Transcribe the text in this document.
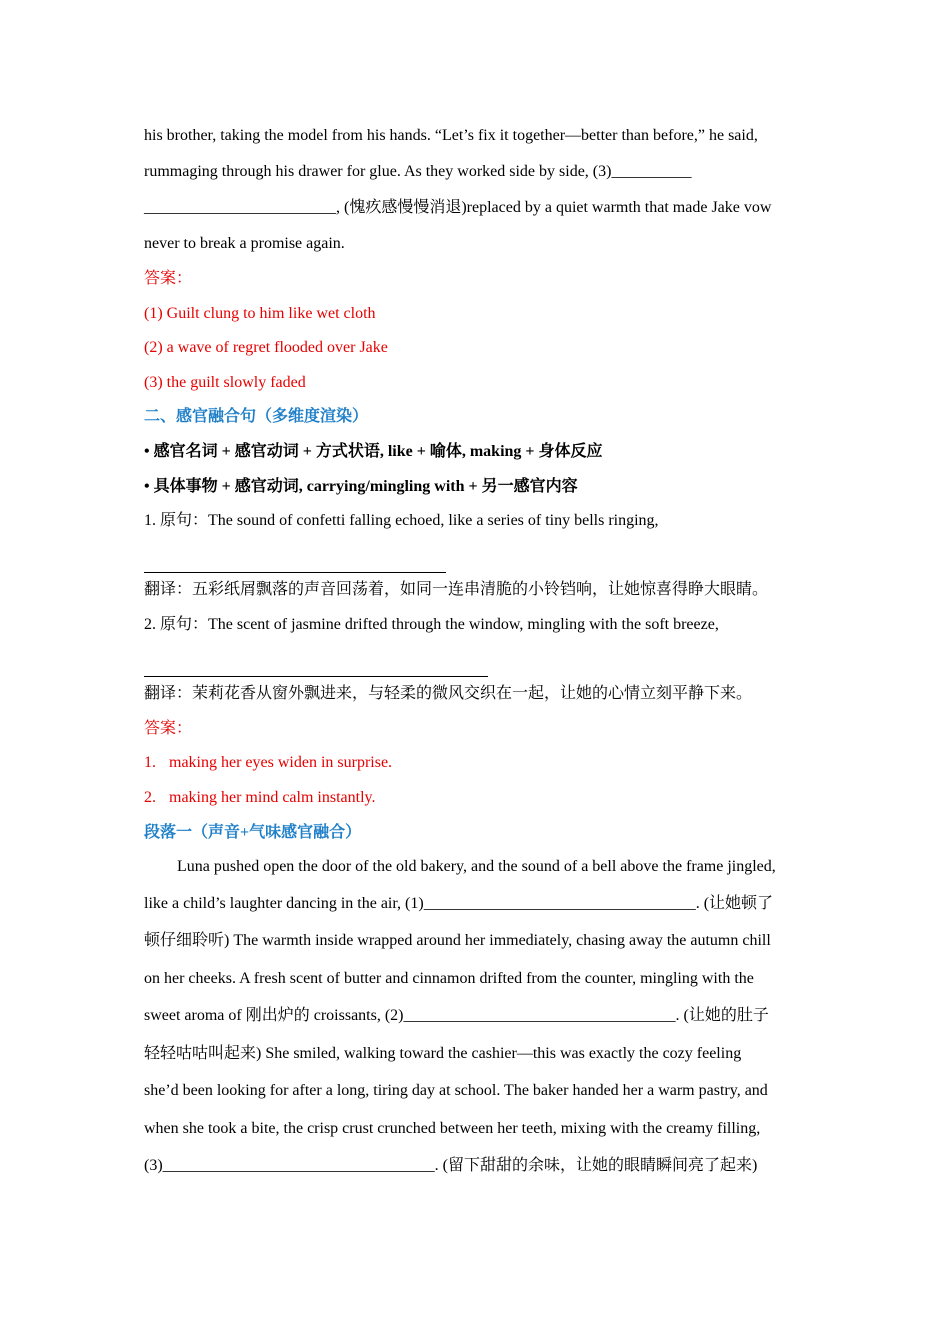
his brother, taking the model from his hands. “Let’s fix it together—better than before,” he said,
rummaging through his drawer for glue. As they worked side by side, (3)__________
________________________, (愧疚感慢慢消退)replaced by a quiet warmth that made Jake vow
never to break a promise again.
答案：
(1) Guilt clung to him like wet cloth
(2) a wave of regret flooded over Jake
(3) the guilt slowly faded
二、感官融合句（多维度渲染）
• 感官名词 + 感官动词 + 方式状语, like + 喻体, making + 身体反应
• 具体事物 + 感官动词, carrying/mingling with + 另一感官内容
1. 原句：The sound of confetti falling echoed, like a series of tiny bells ringing,
翻译：五彩纸屑飘落的声音回荡着，如同一连串清脆的小铃铛响，让她惊喜得睁大眼睛。
2. 原句：The scent of jasmine drifted through the window, mingling with the soft breeze,
翻译：茉莉花香从窗外飘进来，与轻柔的微风交织在一起，让她的心情立刻平静下来。
答案：
1. making her eyes widen in surprise.
2. making her mind calm instantly.
段落一（声音+气味感官融合）
Luna pushed open the door of the old bakery, and the sound of a bell above the frame jingled,
like a child’s laughter dancing in the air, (1)__________________________________. (让她顿了
顿仔细聆听) The warmth inside wrapped around her immediately, chasing away the autumn chill
on her cheeks. A fresh scent of butter and cinnamon drifted from the counter, mingling with the
sweet aroma of 刚出炉的 croissants, (2)__________________________________. (让她的肚子
轻轻咕咕叫起来) She smiled, walking toward the cashier—this was exactly the cozy feeling
she’d been looking for after a long, tiring day at school. The baker handed her a warm pastry, and
when she took a bite, the crisp crust crunched between her teeth, mixing with the creamy filling,
(3)__________________________________. (留下甜甜的余味，让她的眼睛瞬间亮了起来)
